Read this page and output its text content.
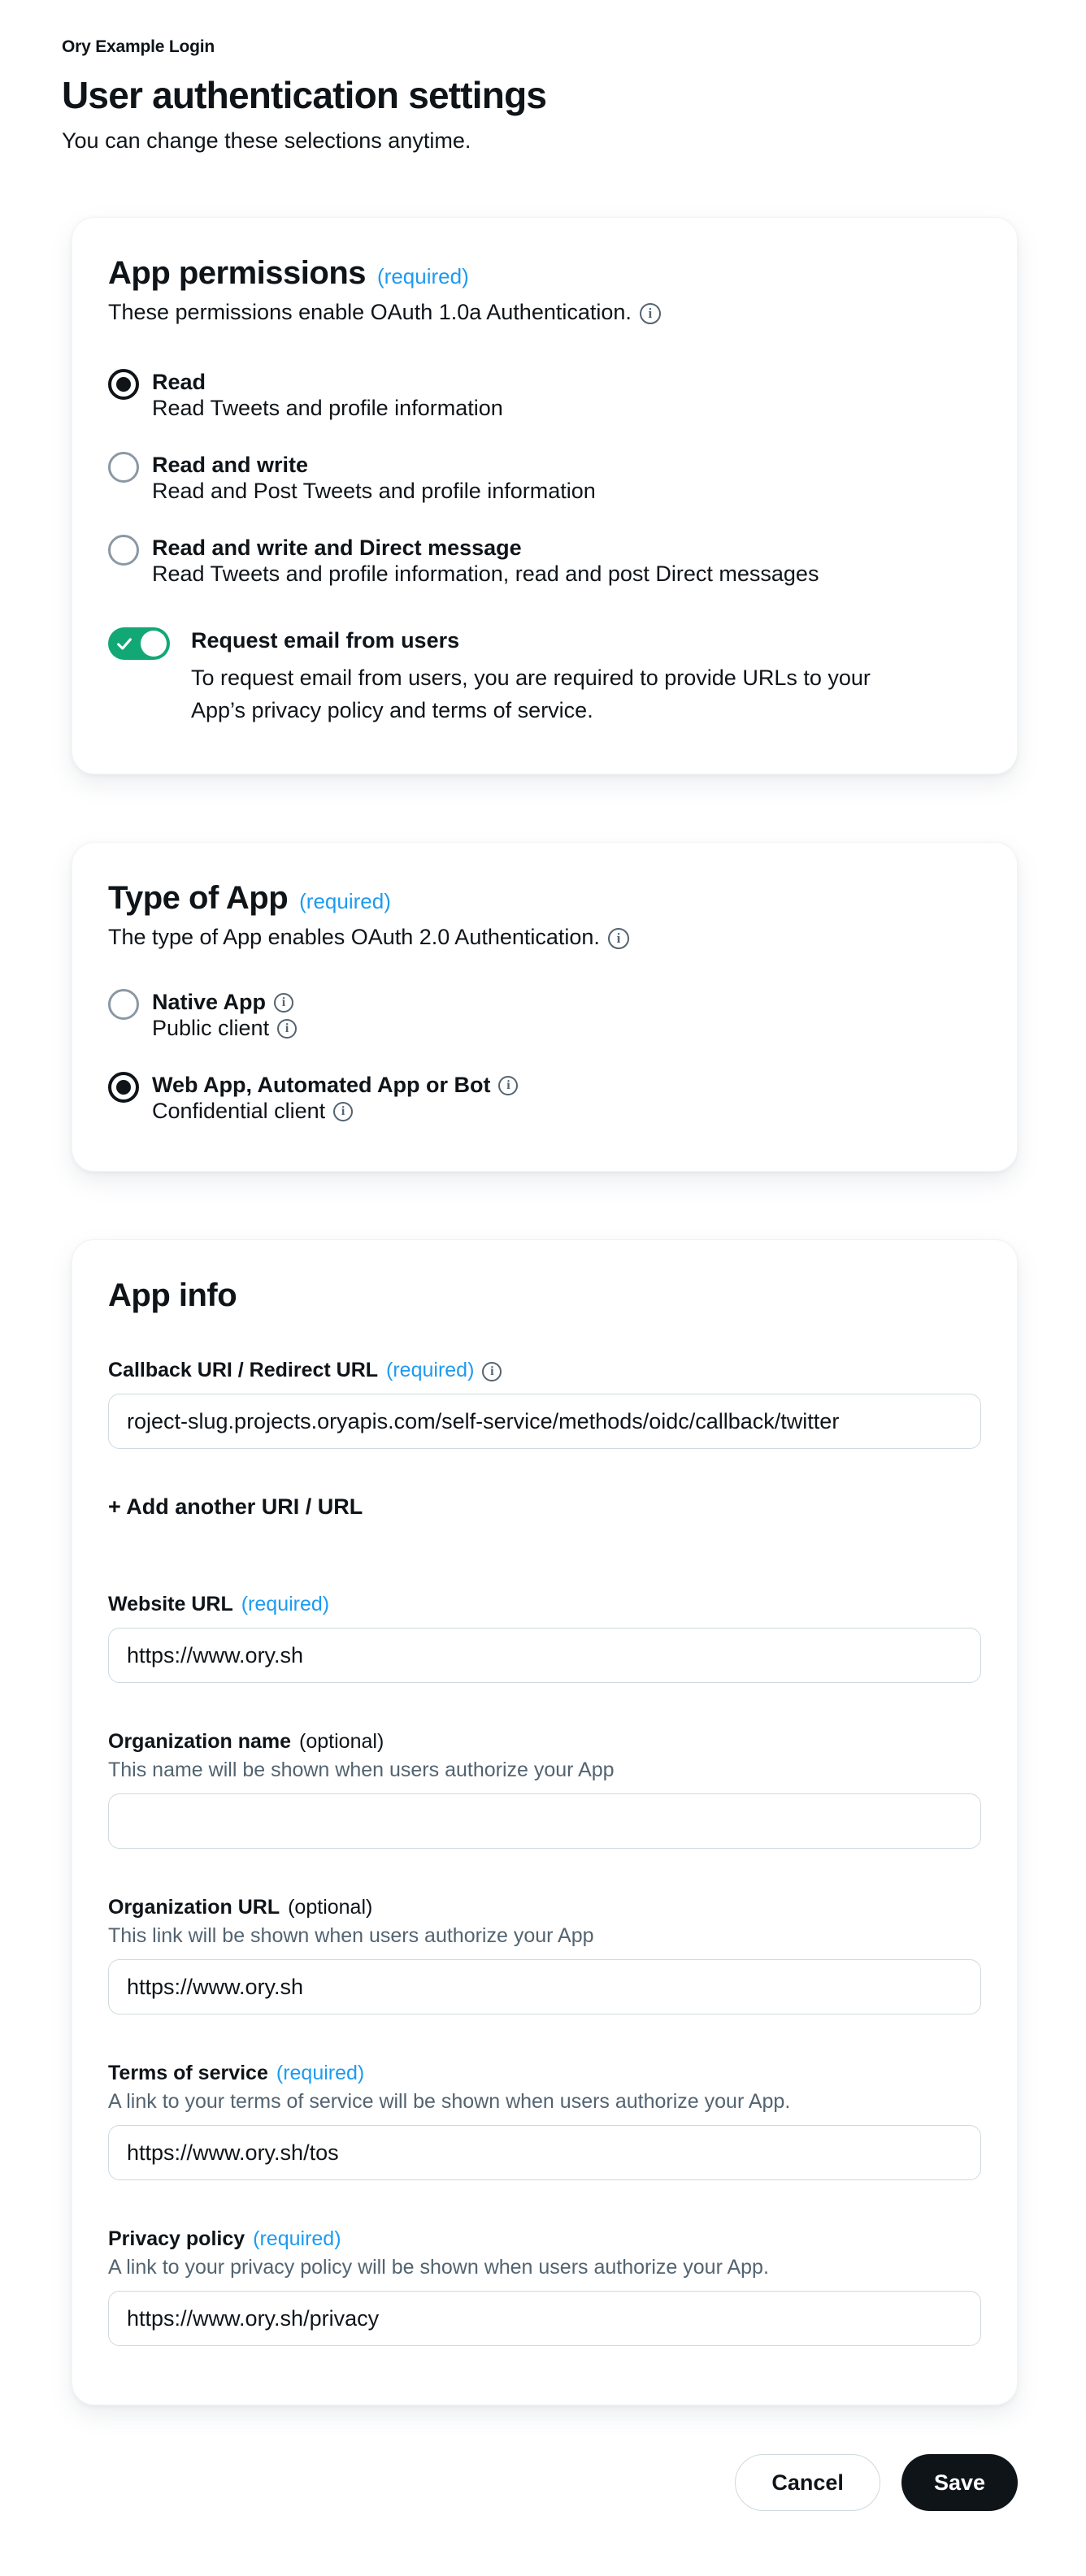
Ory Example Login
User authentication settings

You can change these selections anytime.

App permissions (required)

These permissions enable OAuth 1.0a Authentication.
i

Read
Read Tweets and profile information
Read and write
Read and Post Tweets and profile information
Read and write and Direct message
Read Tweets and profile information, read and post Direct messages
Request email from users
To request email from users, you are required to provide URLs to your App’s privacy policy and terms of service.
Type of App (required)

The type of App enables OAuth 2.0 Authentication.
i

Native App
i
Public client
i
Web App, Automated App or Bot
i
Confidential client
i
App info
Callback URI / Redirect URL (required)
i
roject-slug.projects.oryapis.com/self-service/methods/oidc/callback/twitter
+ Add another URI / URL
Website URL (required)
https://www.ory.sh
Organization name (optional)
This name will be shown when users authorize your App
Organization URL (optional)
This link will be shown when users authorize your App
https://www.ory.sh
Terms of service (required)
A link to your terms of service will be shown when users authorize your App.
https://www.ory.sh/tos
Privacy policy (required)
A link to your privacy policy will be shown when users authorize your App.
https://www.ory.sh/privacy
Cancel	Save
